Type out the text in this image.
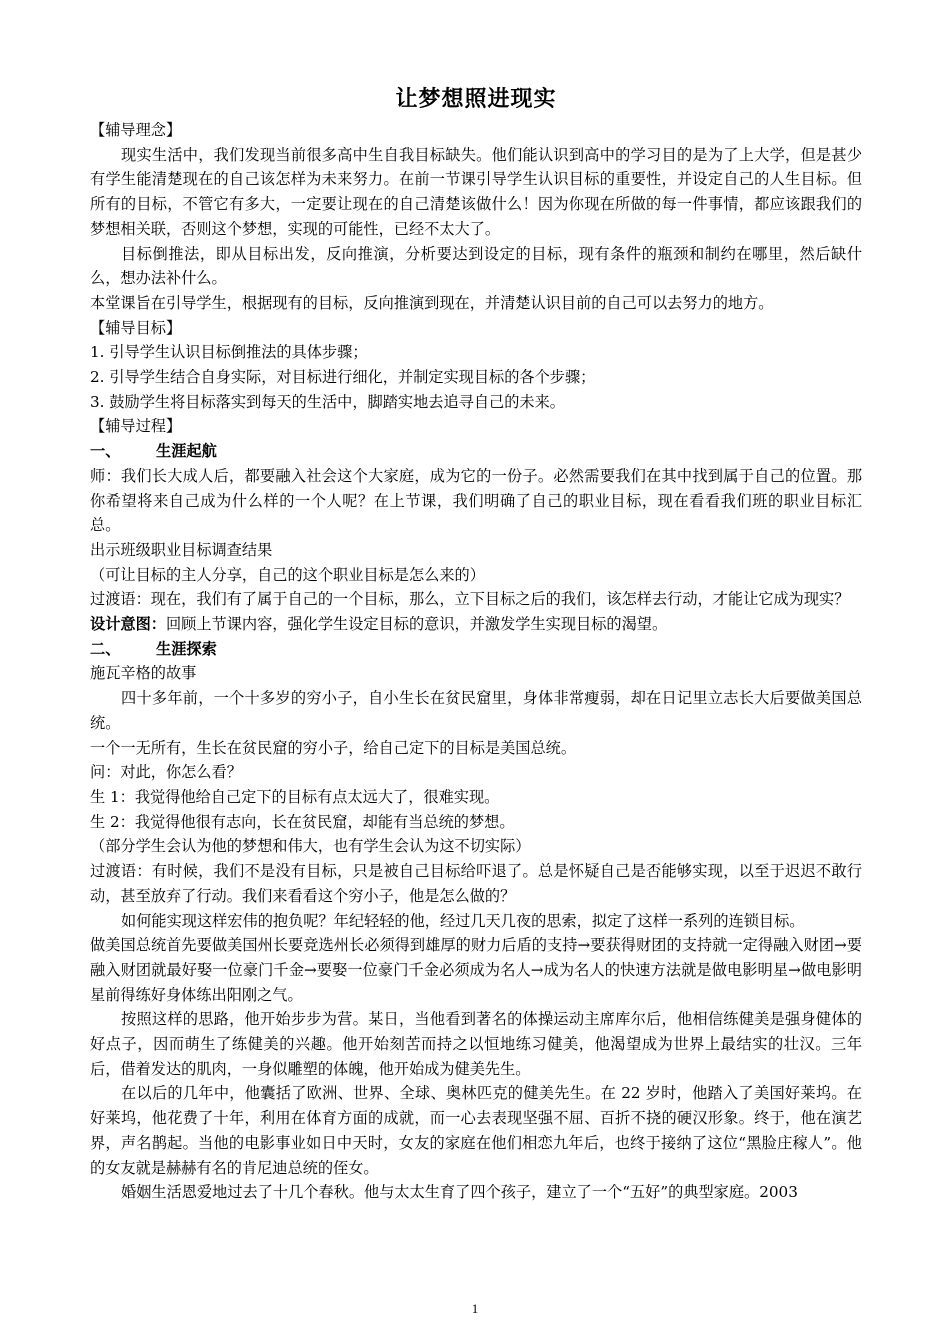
让梦想照进现实

【辅导理念】

现实生活中，我们发现当前很多高中生自我目标缺失。他们能认识到高中的学习目的是为了上大学，但是甚少有学生能清楚现在的自己该怎样为未来努力。在前一节课引导学生认识目标的重要性，并设定自己的人生目标。但所有的目标，不管它有多大，一定要让现在的自己清楚该做什么！因为你现在所做的每一件事情，都应该跟我们的梦想相关联，否则这个梦想，实现的可能性，已经不太大了。

目标倒推法，即从目标出发，反向推演，分析要达到设定的目标，现有条件的瓶颈和制约在哪里，然后缺什么，想办法补什么。

本堂课旨在引导学生，根据现有的目标，反向推演到现在，并清楚认识目前的自己可以去努力的地方。

【辅导目标】

1. 引导学生认识目标倒推法的具体步骤；

2. 引导学生结合自身实际，对目标进行细化，并制定实现目标的各个步骤；

3. 鼓励学生将目标落实到每天的生活中，脚踏实地去追寻自己的未来。

【辅导过程】

一、 生涯起航

师：我们长大成人后，都要融入社会这个大家庭，成为它的一份子。必然需要我们在其中找到属于自己的位置。那你希望将来自己成为什么样的一个人呢？在上节课，我们明确了自己的职业目标，现在看看我们班的职业目标汇总。

出示班级职业目标调查结果

（可让目标的主人分享，自己的这个职业目标是怎么来的）

过渡语：现在，我们有了属于自己的一个目标，那么，立下目标之后的我们，该怎样去行动，才能让它成为现实？

设计意图：回顾上节课内容，强化学生设定目标的意识，并激发学生实现目标的渴望。

二、 生涯探索

施瓦辛格的故事

四十多年前，一个十多岁的穷小子，自小生长在贫民窟里，身体非常瘦弱，却在日记里立志长大后要做美国总统。

一个一无所有，生长在贫民窟的穷小子，给自己定下的目标是美国总统。

问：对此，你怎么看？

生 1：我觉得他给自己定下的目标有点太远大了，很难实现。

生 2：我觉得他很有志向，长在贫民窟，却能有当总统的梦想。

（部分学生会认为他的梦想和伟大，也有学生会认为这不切实际）

过渡语：有时候，我们不是没有目标，只是被自己目标给吓退了。总是怀疑自己是否能够实现，以至于迟迟不敢行动，甚至放弃了行动。我们来看看这个穷小子，他是怎么做的？

如何能实现这样宏伟的抱负呢？年纪轻轻的他，经过几天几夜的思索，拟定了这样一系列的连锁目标。

做美国总统首先要做美国州长要竞选州长必须得到雄厚的财力后盾的支持→要获得财团的支持就一定得融入财团→要融入财团就最好娶一位豪门千金→要娶一位豪门千金必须成为名人→成为名人的快速方法就是做电影明星→做电影明星前得练好身体练出阳刚之气。

按照这样的思路，他开始步步为营。某日，当他看到著名的体操运动主席库尔后，他相信练健美是强身健体的好点子，因而萌生了练健美的兴趣。他开始刻苦而持之以恒地练习健美，他渴望成为世界上最结实的壮汉。三年后，借着发达的肌肉，一身似雕塑的体魄，他开始成为健美先生。

在以后的几年中，他囊括了欧洲、世界、全球、奥林匹克的健美先生。在 22 岁时，他踏入了美国好莱坞。在好莱坞，他花费了十年，利用在体育方面的成就，而一心去表现坚强不屈、百折不挠的硬汉形象。终于，他在演艺界，声名鹊起。当他的电影事业如日中天时，女友的家庭在他们相恋九年后，也终于接纳了这位“黑脸庄稼人”。他的女友就是赫赫有名的肯尼迪总统的侄女。

婚姻生活恩爱地过去了十几个春秋。他与太太生育了四个孩子，建立了一个“五好”的典型家庭。2003

1
